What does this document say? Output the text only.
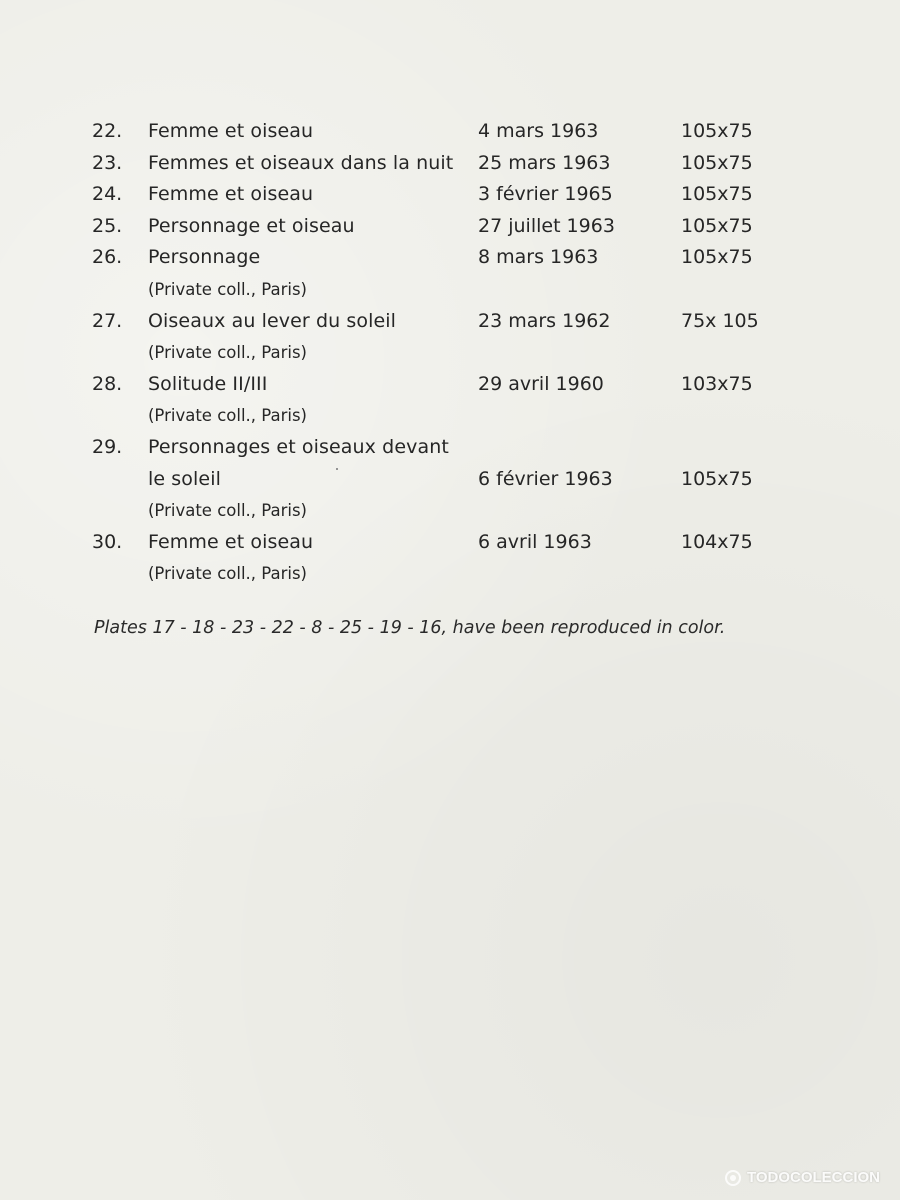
22. Femme et oiseau	4 mars 1963	105x75
23. Femmes et oiseaux dans la nuit 25 mars 1963	105x75
24. Femme et oiseau	3 février 1965	105x75
25. Personnage et oiseau	27 juillet 1963	105x75
26. Personnage	8 mars 1963	105x75
(Private coll., Paris)
27. Oiseaux au lever du soleil	23 mars 1962	75x 105
(Private coll., Paris)
28. Solitude II/III	29 avril 1960	103x75
(Private coll., Paris)
29. Personnages et oiseaux devant
le soleil	6 février 1963	105x75
(Private coll., Paris)
30. Femme et oiseau	6 avril 1963	104x75
(Private coll., Paris)
Plates 17 - 18 - 23 - 22 - 8 - 25 - 19 - 16, have been reproduced in color.
TODOCOLECCION
